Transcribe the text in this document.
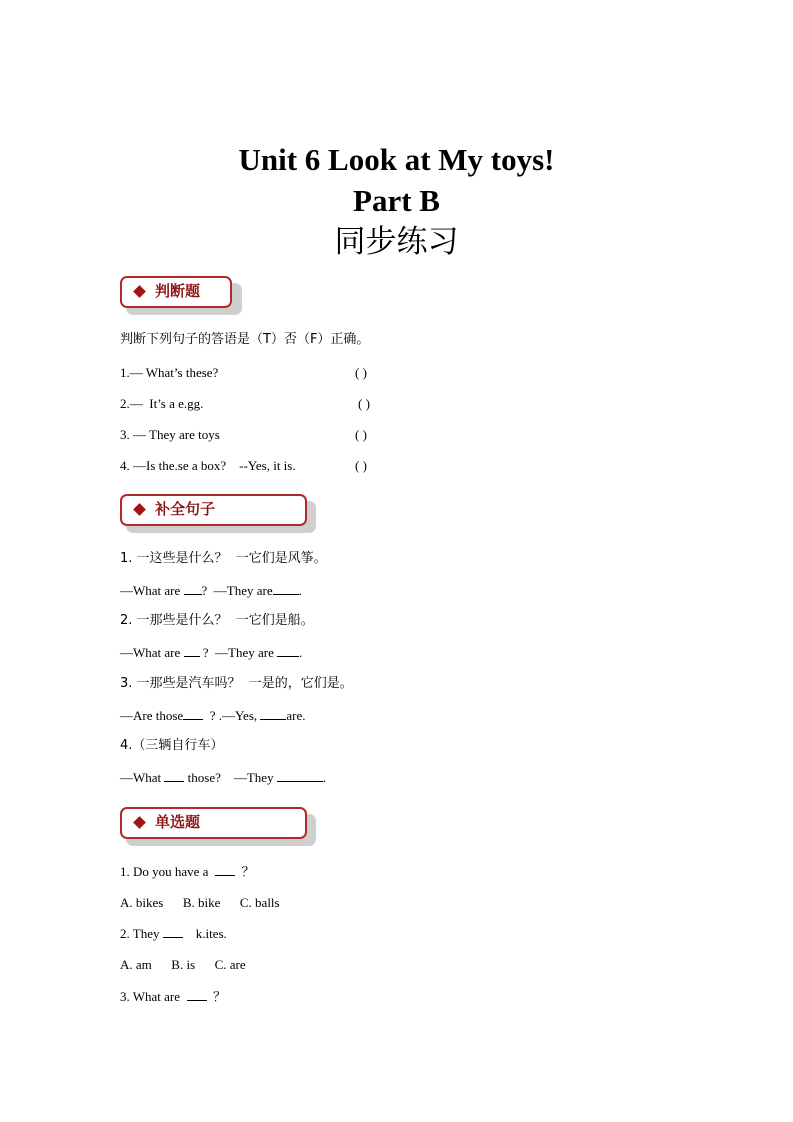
Unit 6 Look at My toys!
Part B
同步练习
判断题
判断下列句子的答语是（T）否（F）正确。
1.— What’s these?	( )
2.—  It’s a e.gg.	( )
3. — They are toys	( )
4. —Is the.se a box?    --Yes, it is.	( )
补全句子
1. 一这些是什么？  一它们是风筝。
—What are ?  —They are .
2. 一那些是什么？  一它们是船。
—What are  ?  —They are .
3. 一那些是汽车吗？  一是的，它们是。
—Are those  ? .—Yes, are.
4.（三辆自行车）
—What  those?    —They	.
单选题
1. Do you have a    ？
A. bikes      B. bike      C. balls
2. They     k.ites.
A. am      B. is      C. are
3. What are    ？
